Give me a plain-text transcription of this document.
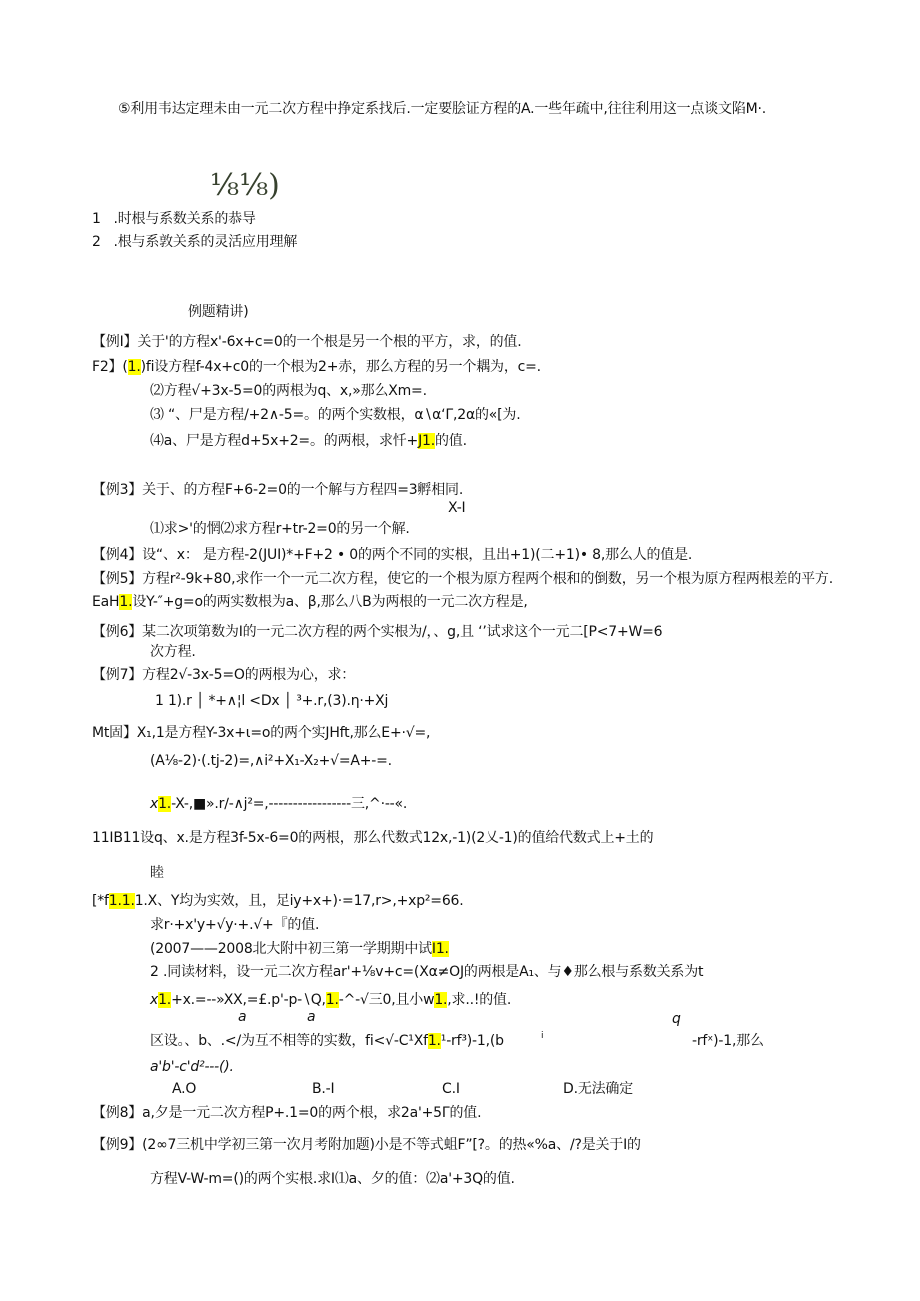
⑤利用韦达定理未由一元二次方程中挣定系找后.一定要脍证方程的A.一些年疏中,往往利用这一点谈文陷M·.
⅛⅛)
1 .时根与系数关系的恭导
2 .根与系敦关系的灵活应用理解
例题精讲)
【例I】关于'的方程x'-6x+c=0的一个根是另一个根的平方，求，的值.
F2】(1.)fi设方程f-4x+c0的一个根为2+赤，那么方程的另一个耦为，c=.
⑵方程√+3x-5=0的两根为q、x,»那么Xm=.
⑶ “、尸是方程/+2∧-5=。的两个实数根，α∖α‘Γ,2α的«[为.
⑷a、尸是方程d+5x+2=。的两根，求忏+J1.的值.
【例3】关于、的方程F+6-2=0的一个解与方程四=3孵相同.
X-I
⑴求>'的惘⑵求方程r+tr-2=0的另一个解.
【例4】设“、x： 是方程-2(JUI)*+F+2 • 0的两个不同的实根，且出+1)(二+1)• 8,那么人的值是.
【例5】方程r²-9k+80,求作一个一元二次方程，使它的一个根为原方程两个根和的倒数，另一个根为原方程两根差的平方.
EaH1.设Y-″+g=o的两实数根为a、β,那么八B为两根的一元二次方程是,
【例6】某二次项第数为I的一元二次方程的两个实根为/，、g,且 ‘’试求这个一元二[P<7+W=6
次方程.
【例7】方程2√-3x-5=O的两根为心，求：
1 1).r │ *+∧¦l <Dx │ ³+.r,(3).η·+Xj
Mt固】X₁,1是方程Y-3x+ι=o的两个实JHft,那么E+·√=,
(A⅛-2)·(.tj-2)=,∧i²+X₁-X₂+√=A+-=.
x1.-X-,■».r∕-∧j²=,-----------------三,^·--«.
11IB11设q、x.是方程3f-5x-6=0的两根，那么代数式12x,-1)(2乂-1)的值给代数式上+土的
睦
[*f1.1.1.X、Y均为实效，且，足iy+x+)·=17,r>,+xp²=66.
求r·+x'y+√y·+.√+『的值.
(2007——2008北大附中初三第一学期期中试I1.
2 .同读材料，设一元二次方程ar'+⅛v+c=(Xα≠OJ的两根是A₁、与♦那么根与系数关系为t
x1.+x.=--»XX,=£.p'-p-∖Q,1.-^-√三0,且小w1.,求..!的值.
a	a	q
区设。、b、.</为互不相等的实数，fi<√-C¹Xf1.¹-rf³)-1,(b	i	-rfˣ)-1,那么
a'b'-c'd²---().
A.O	B.-I	C.I	D.无法确定
【例8】a,夕是一元二次方程P+.1=0的两个根，求2a'+5Γ的值.
【例9】(2∞7三机中学初三第一次月考附加题)小是不等式蛆F”[?。的热«%a、/?是关于I的
方程V-W-m=()的两个实根.求I⑴a、夕的值：⑵a'+3Q的值.
